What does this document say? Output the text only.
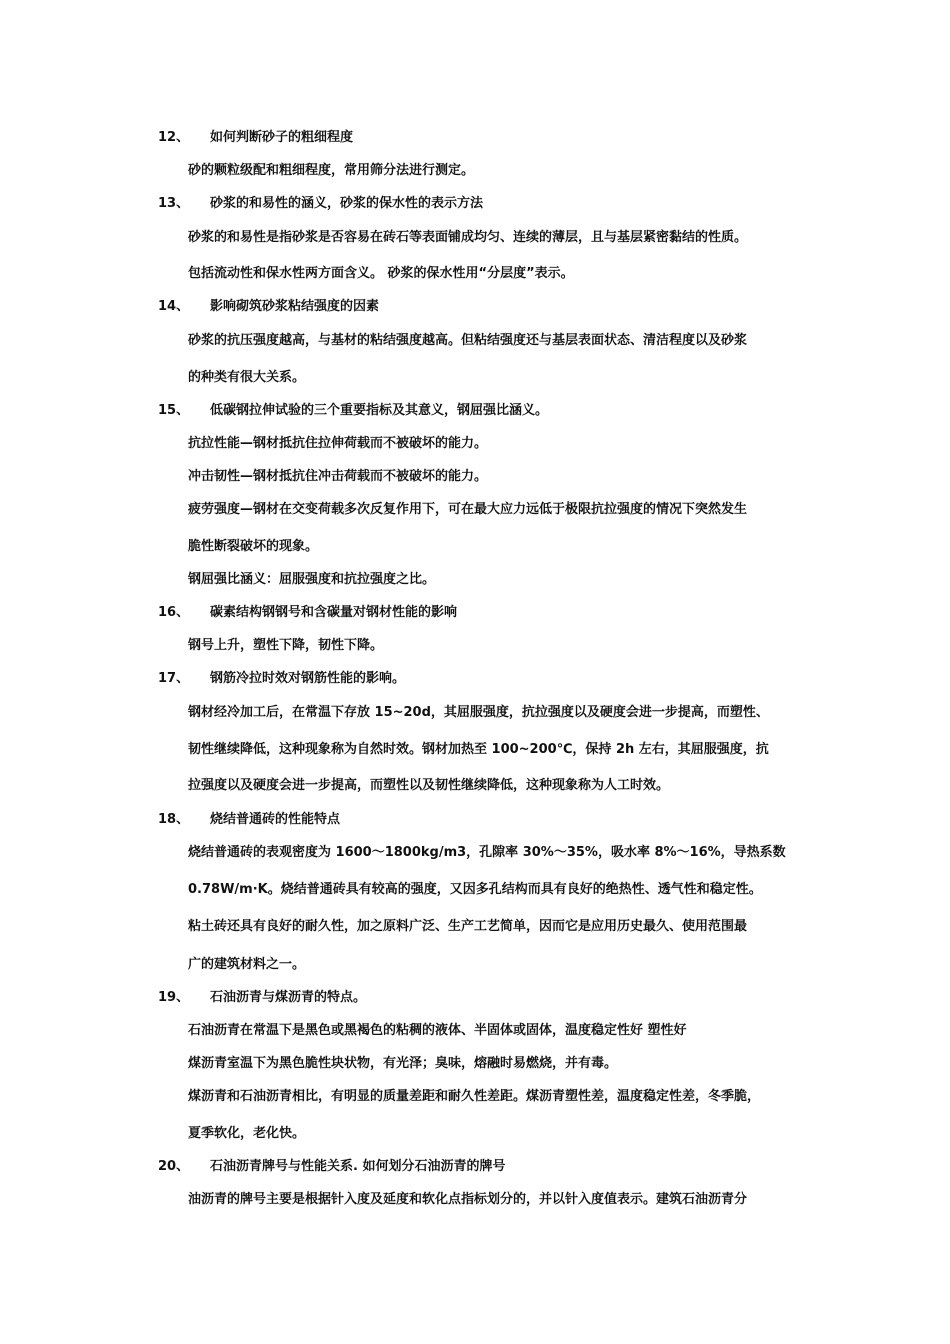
12、 如何判断砂子的粗细程度
砂的颗粒级配和粗细程度，常用筛分法进行测定。
13、 砂浆的和易性的涵义，砂浆的保水性的表示方法
砂浆的和易性是指砂浆是否容易在砖石等表面铺成均匀、连续的薄层，且与基层紧密黏结的性质。
包括流动性和保水性两方面含义。 砂浆的保水性用“分层度”表示。
14、 影响砌筑砂浆粘结强度的因素
砂浆的抗压强度越高，与基材的粘结强度越高。但粘结强度还与基层表面状态、清洁程度以及砂浆
的种类有很大关系。
15、 低碳钢拉伸试验的三个重要指标及其意义，钢屈强比涵义。
抗拉性能—钢材抵抗住拉伸荷载而不被破坏的能力。
冲击韧性—钢材抵抗住冲击荷载而不被破坏的能力。
疲劳强度—钢材在交变荷载多次反复作用下，可在最大应力远低于极限抗拉强度的情况下突然发生
脆性断裂破坏的现象。
钢屈强比涵义：屈服强度和抗拉强度之比。
16、 碳素结构钢钢号和含碳量对钢材性能的影响
钢号上升，塑性下降，韧性下降。
17、 钢筋冷拉时效对钢筋性能的影响。
钢材经冷加工后，在常温下存放 15~20d，其屈服强度，抗拉强度以及硬度会进一步提高，而塑性、
韧性继续降低，这种现象称为自然时效。钢材加热至 100~200℃，保持 2h 左右，其屈服强度，抗
拉强度以及硬度会进一步提高，而塑性以及韧性继续降低，这种现象称为人工时效。
18、 烧结普通砖的性能特点
烧结普通砖的表观密度为 1600～1800kg/m3，孔隙率 30%～35%，吸水率 8%～16%，导热系数
0.78W/m·K。烧结普通砖具有较高的强度，又因多孔结构而具有良好的绝热性、透气性和稳定性。
粘土砖还具有良好的耐久性，加之原料广泛、生产工艺简单，因而它是应用历史最久、使用范围最
广的建筑材料之一。
19、 石油沥青与煤沥青的特点。
石油沥青在常温下是黑色或黑褐色的粘稠的液体、半固体或固体，温度稳定性好 塑性好
煤沥青室温下为黑色脆性块状物，有光泽；臭味，熔融时易燃烧，并有毒。
煤沥青和石油沥青相比，有明显的质量差距和耐久性差距。煤沥青塑性差，温度稳定性差，冬季脆，
夏季软化，老化快。
20、 石油沥青牌号与性能关系. 如何划分石油沥青的牌号
油沥青的牌号主要是根据针入度及延度和软化点指标划分的，并以针入度值表示。建筑石油沥青分
